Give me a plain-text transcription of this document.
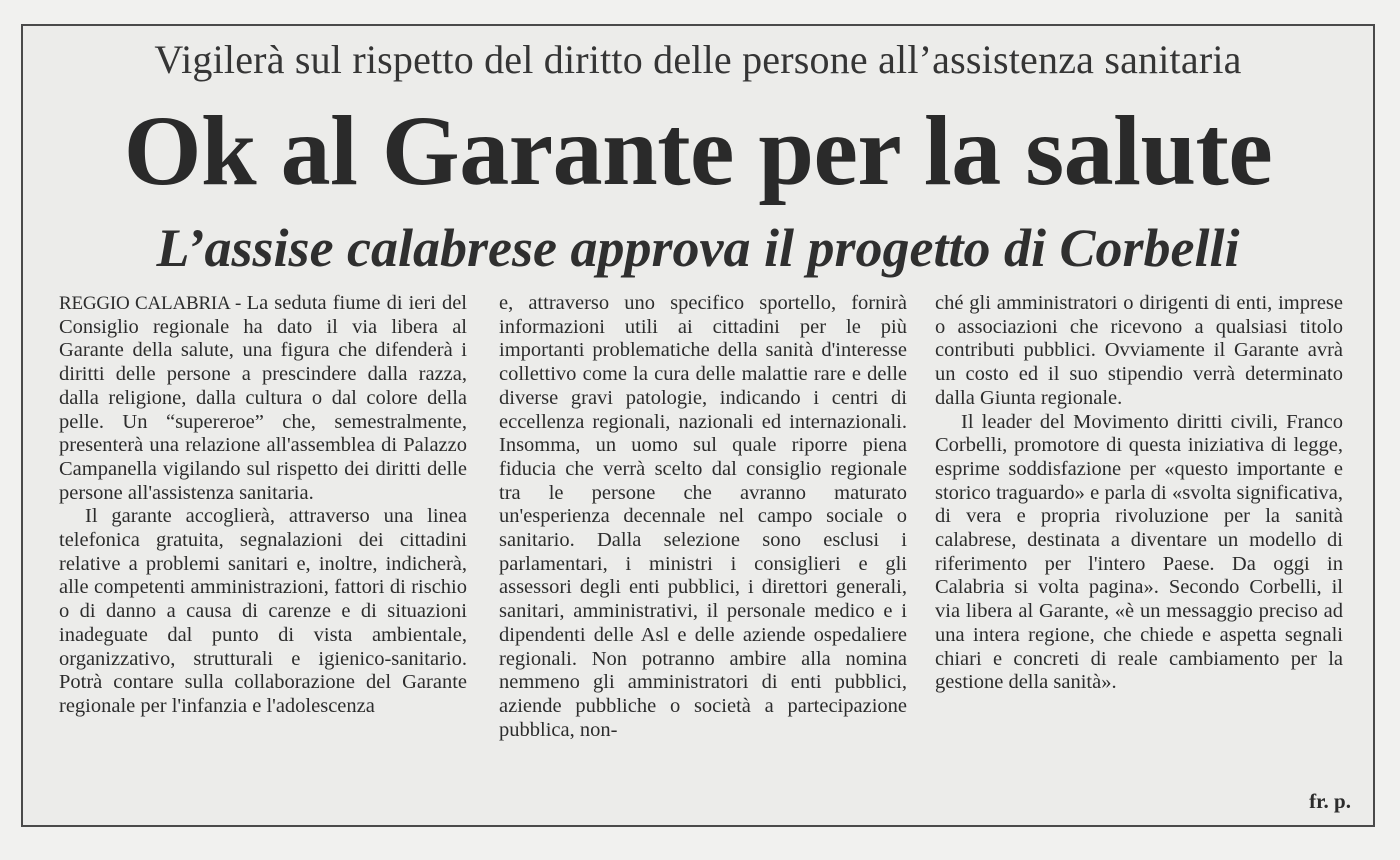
Vigilerà sul rispetto del diritto delle persone all’assistenza sanitaria
Ok al Garante per la salute
L’assise calabrese approva il progetto di Corbelli

REGGIO CALABRIA - La seduta fiume di ieri del Consiglio regionale ha dato il via libera al Garante della salute, una figura che difenderà i diritti delle persone a prescindere dalla razza, dalla religione, dalla cultura o dal colore della pelle. Un “supereroe” che, semestralmente, presenterà una relazione all'assemblea di Palazzo Campanella vigilando sul rispetto dei diritti delle persone all'assistenza sanitaria.

Il garante accoglierà, attraverso una linea telefonica gratuita, segnalazioni dei cittadini relative a problemi sanitari e, inoltre, indicherà, alle competenti amministrazioni, fattori di rischio o di danno a causa di carenze e di situazioni inadeguate dal punto di vista ambientale, organizzativo, strutturali e igienico-sanitario. Potrà contare sulla collaborazione del Garante regionale per l'infanzia e l'adolescenza

e, attraverso uno specifico sportello, fornirà informazioni utili ai cittadini per le più importanti problematiche della sanità d'interesse collettivo come la cura delle malattie rare e delle diverse gravi patologie, indicando i centri di eccellenza regionali, nazionali ed internazionali. Insomma, un uomo sul quale riporre piena fiducia che verrà scelto dal consiglio regionale tra le persone che avranno maturato un'esperienza decennale nel campo sociale o sanitario. Dalla selezione sono esclusi i parlamentari, i ministri i consiglieri e gli assessori degli enti pubblici, i direttori generali, sanitari, amministrativi, il personale medico e i dipendenti delle Asl e delle aziende ospedaliere regionali. Non potranno ambire alla nomina nemmeno gli amministratori di enti pubblici, aziende pubbliche o società a partecipazione pubblica, non-

ché gli amministratori o dirigenti di enti, imprese o associazioni che ricevono a qualsiasi titolo contributi pubblici. Ovviamente il Garante avrà un costo ed il suo stipendio verrà determinato dalla Giunta regionale.

Il leader del Movimento diritti civili, Franco Corbelli, promotore di questa iniziativa di legge, esprime soddisfazione per «questo importante e storico traguardo» e parla di «svolta significativa, di vera e propria rivoluzione per la sanità calabrese, destinata a diventare un modello di riferimento per l'intero Paese. Da oggi in Calabria si volta pagina». Secondo Corbelli, il via libera al Garante, «è un messaggio preciso ad una intera regione, che chiede e aspetta segnali chiari e concreti di reale cambiamento per la gestione della sanità».

fr. p.
